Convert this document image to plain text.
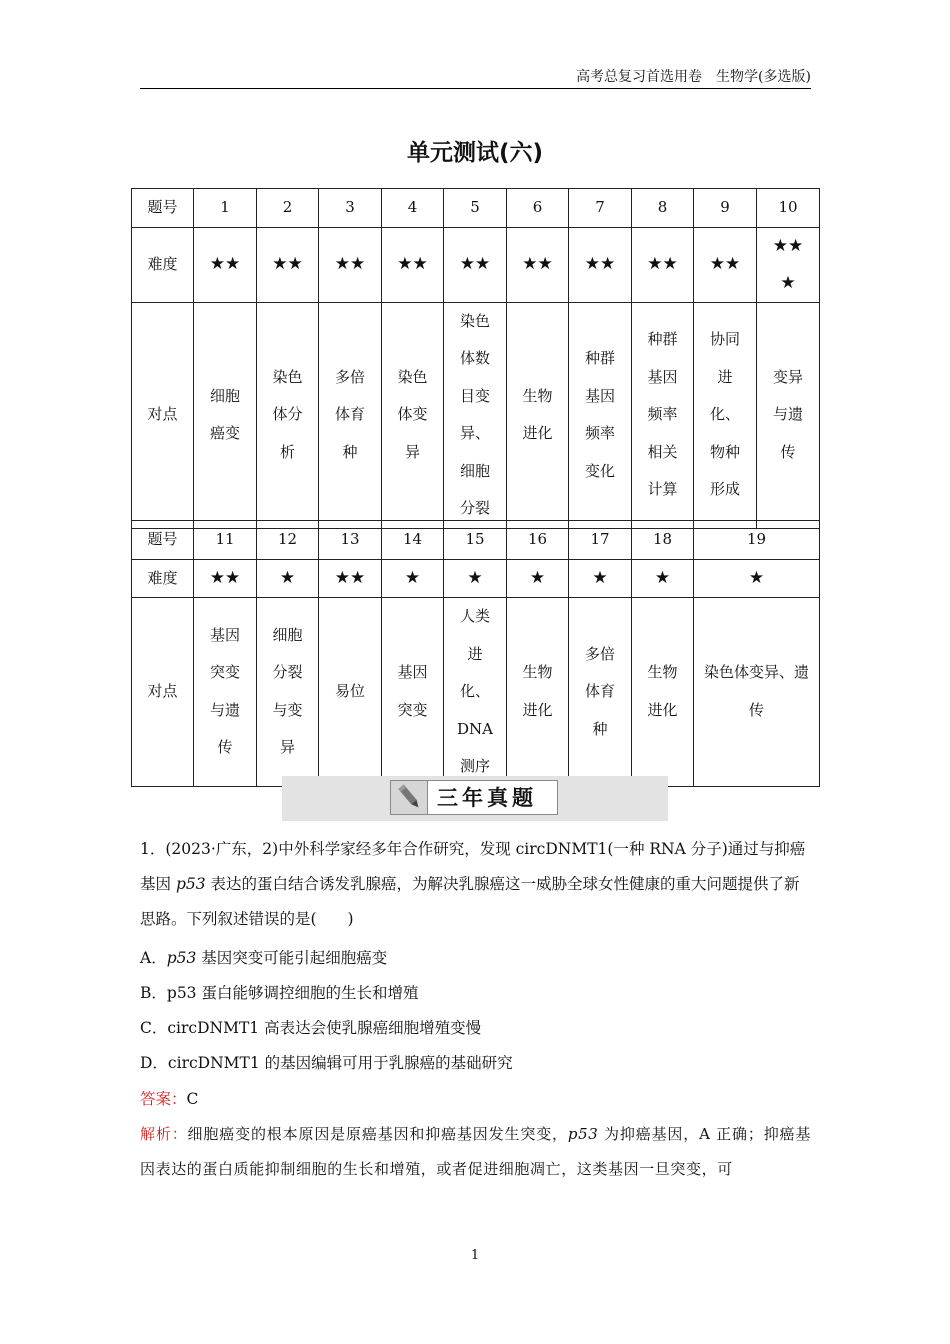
高考总复习首选用卷　生物学(多选版)
单元测试(六)
题号	1	2	3	4	5	6	7	8	9	10
难度	★★	★★	★★	★★	★★	★★	★★	★★	★★	★★★
对点	细胞癌变	染色体分析	多倍体育种	染色体变异	染色体数目变异、细胞分裂	生物进化	种群基因频率变化	种群基因频率相关计算	协同进化、物种形成	变异与遗传
题号	11	12	13	14	15	16	17	18	19
难度	★★	★	★★	★	★	★	★	★	★
对点	基因突变与遗传	细胞分裂与变异	易位	基因突变	人类进化、DNA测序	生物进化	多倍体育种	生物进化	染色体变异、遗传
三年真题
1．(2023·广东，2)中外科学家经多年合作研究，发现 circDNMT1(一种 RNA 分子)通过与抑癌基因 p53 表达的蛋白结合诱发乳腺癌，为解决乳腺癌这一威胁全球女性健康的重大问题提供了新思路。下列叙述错误的是(　　)
A．p53 基因突变可能引起细胞癌变
B．p53 蛋白能够调控细胞的生长和增殖
C．circDNMT1 高表达会使乳腺癌细胞增殖变慢
D．circDNMT1 的基因编辑可用于乳腺癌的基础研究
答案：C
解析：细胞癌变的根本原因是原癌基因和抑癌基因发生突变，p53 为抑癌基因，A 正确；抑癌基因表达的蛋白质能抑制细胞的生长和增殖，或者促进细胞凋亡，这类基因一旦突变，可
1
